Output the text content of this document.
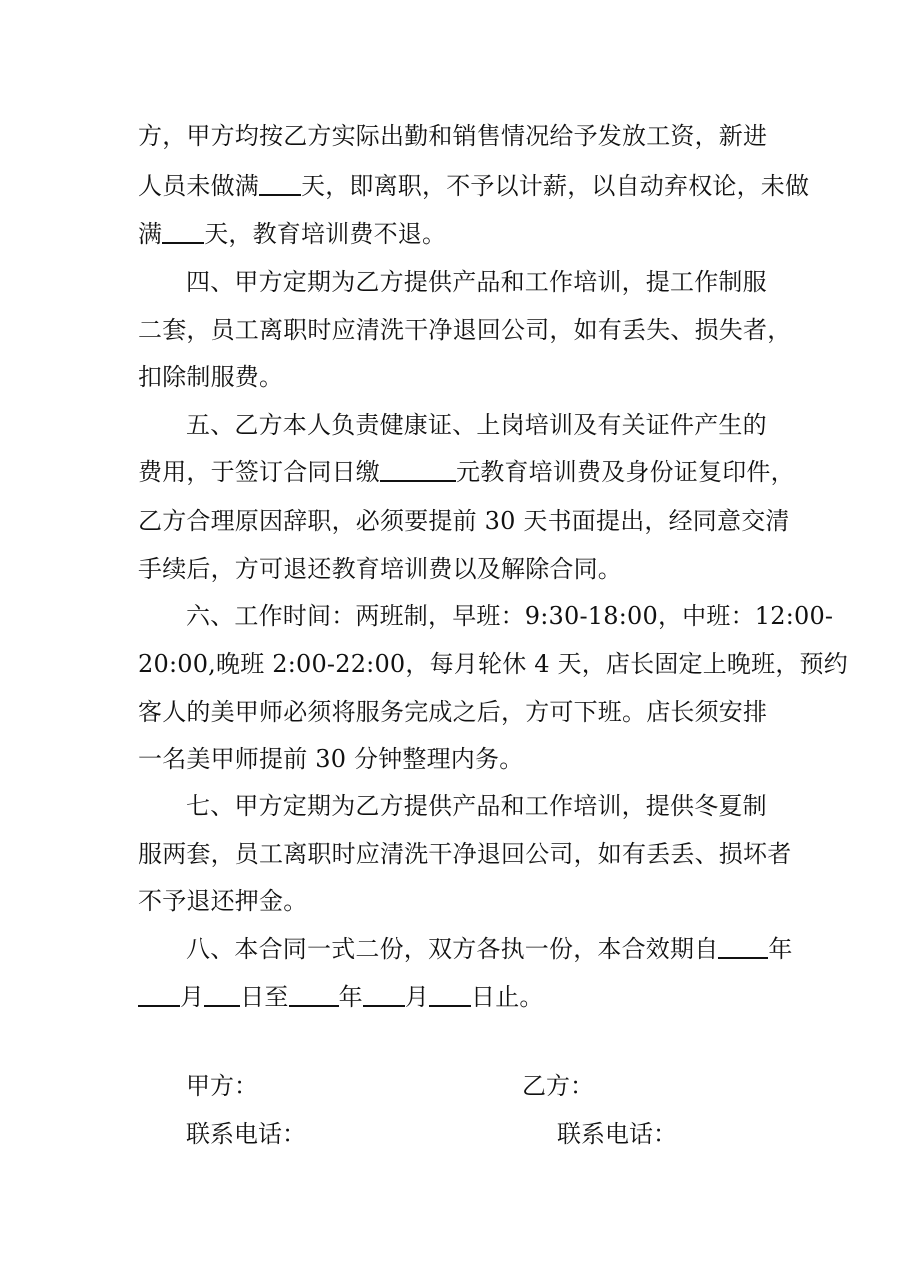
方，甲方均按乙方实际出勤和销售情况给予发放工资，新进
人员未做满 天，即离职，不予以计薪，以自动弃权论，未做
满 天，教育培训费不退。
四、甲方定期为乙方提供产品和工作培训，提工作制服
二套，员工离职时应清洗干净退回公司，如有丢失、损失者，
扣除制服费。
五、乙方本人负责健康证、上岗培训及有关证件产生的
费用，于签订合同日缴	元教育培训费及身份证复印件，
乙方合理原因辞职，必须要提前 30 天书面提出，经同意交清
手续后，方可退还教育培训费以及解除合同。
六、工作时间：两班制，早班：9:30-18:00，中班：12:00-
20:00,晚班 2:00-22:00，每月轮休 4 天，店长固定上晚班，预约
客人的美甲师必须将服务完成之后，方可下班。店长须安排
一名美甲师提前 30 分钟整理内务。
七、甲方定期为乙方提供产品和工作培训，提供冬夏制
服两套，员工离职时应清洗干净退回公司，如有丢丢、损坏者
不予退还押金。
八、本合同一式二份，双方各执一份，本合效期自 年
月 日至 年 月 日止。
甲方：	乙方：
联系电话：	联系电话：
